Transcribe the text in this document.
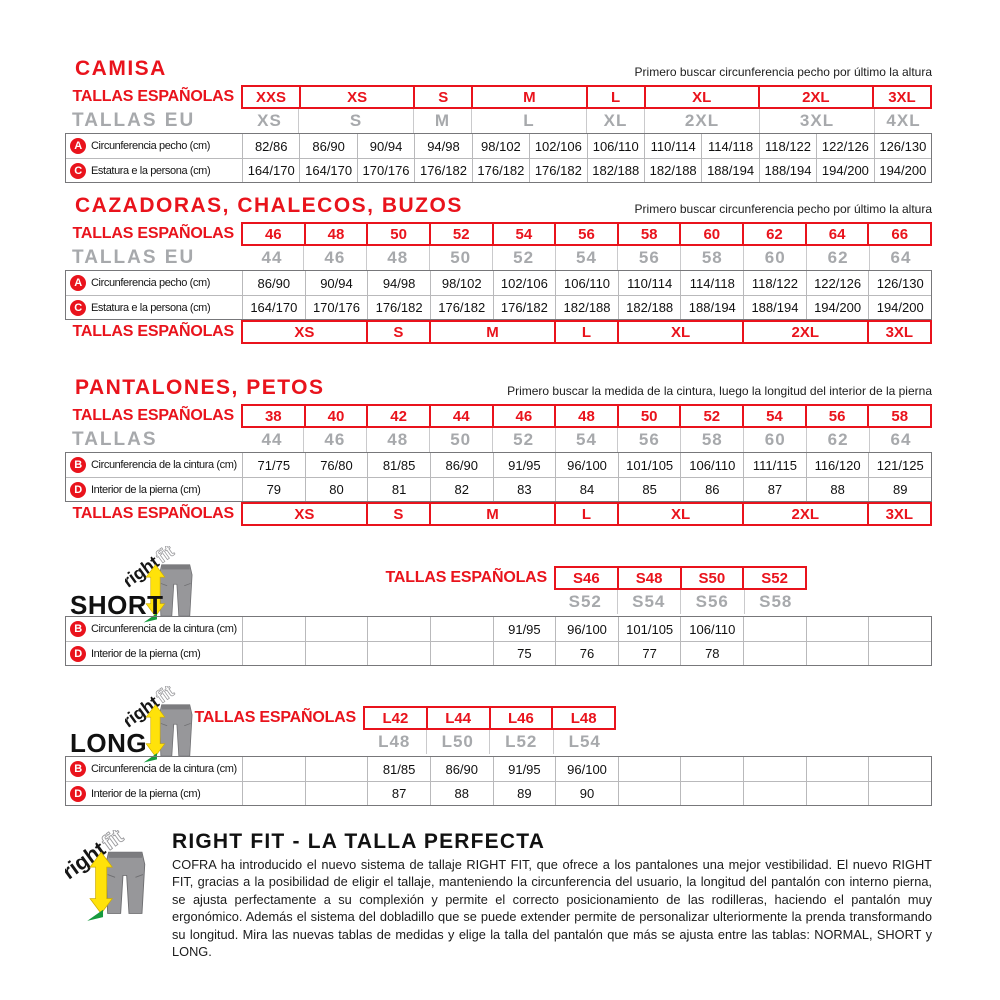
CAMISA	Primero buscar circunferencia pecho por último la altura
TALLAS ESPAÑOLAS	XXS	XS	S	M	L	XL	2XL	3XL
TALLAS EU	XS	S	M	L	XL	2XL	3XL	4XL
A Circunferencia pecho (cm)	82/86	86/90	90/94	94/98	98/102	102/106 106/110 110/114 114/118 118/122 122/126 126/130
C Estatura e la persona (cm)	164/170 164/170 170/176 176/182 176/182 176/182 182/188 182/188 188/194 188/194 194/200 194/200
CAZADORAS, CHALECOS, BUZOS	Primero buscar circunferencia pecho por último la altura
TALLAS ESPAÑOLAS	46	48	50	52	54	56	58	60	62	64	66
TALLAS EU	44	46	48	50	52	54	56	58	60	62	64
A Circunferencia pecho (cm)	86/90	90/94	94/98	98/102	102/106	106/110	110/114	114/118	118/122	122/126	126/130
C Estatura e la persona (cm)	164/170	170/176	176/182	176/182	176/182	182/188	182/188	188/194	188/194	194/200	194/200
TALLAS ESPAÑOLAS	XS	S	M	L	XL	2XL	3XL
PANTALONES, PETOS	Primero buscar la medida de la cintura, luego la longitud del interior de la pierna
TALLAS ESPAÑOLAS	38	40	42	44	46	48	50	52	54	56	58
TALLAS	44	46	48	50	52	54	56	58	60	62	64
B Circunferencia de la cintura (cm)	71/75	76/80	81/85	86/90	91/95	96/100	101/105	106/110	111/115	116/120	121/125
D Interior de la pierna (cm)	79	80	81	82	83	84	85	86	87	88	89
TALLAS ESPAÑOLAS	XS	S	M	L	XL	2XL	3XL
SHORT
TALLAS ESPAÑOLAS	S46	S48	S50	S52
S52	S54	S56	S58
B Circunferencia de la cintura (cm)	91/95	96/100	101/105	106/110
D Interior de la pierna (cm)	75	76	77	78
LONG
TALLAS ESPAÑOLAS	L42	L44	L46	L48
L48	L50	L52	L54
B Circunferencia de la cintura (cm)	81/85	86/90	91/95	96/100
D Interior de la pierna (cm)	87	88	89	90
RIGHT FIT - LA TALLA PERFECTA

COFRA ha introducido el nuevo sistema de tallaje RIGHT FIT, que ofrece a los pantalones una mejor vestibilidad. El nuevo RIGHT FIT, gracias a la posibilidad de eligir el tallaje, manteniendo la circunferencia del usuario, la longitud del pantalón con interno pierna, se ajusta perfectamente a su complexión y permite el correcto posicionamiento de las rodilleras, haciendo el pantalón muy ergonómico. Además el sistema del dobladillo que se puede extender permite de personalizar ulteriormente la prenda transformando su longitud. Mira las nuevas tablas de medidas y elige la talla del pantalón que más se ajusta entre las tablas: NORMAL, SHORT y LONG.
